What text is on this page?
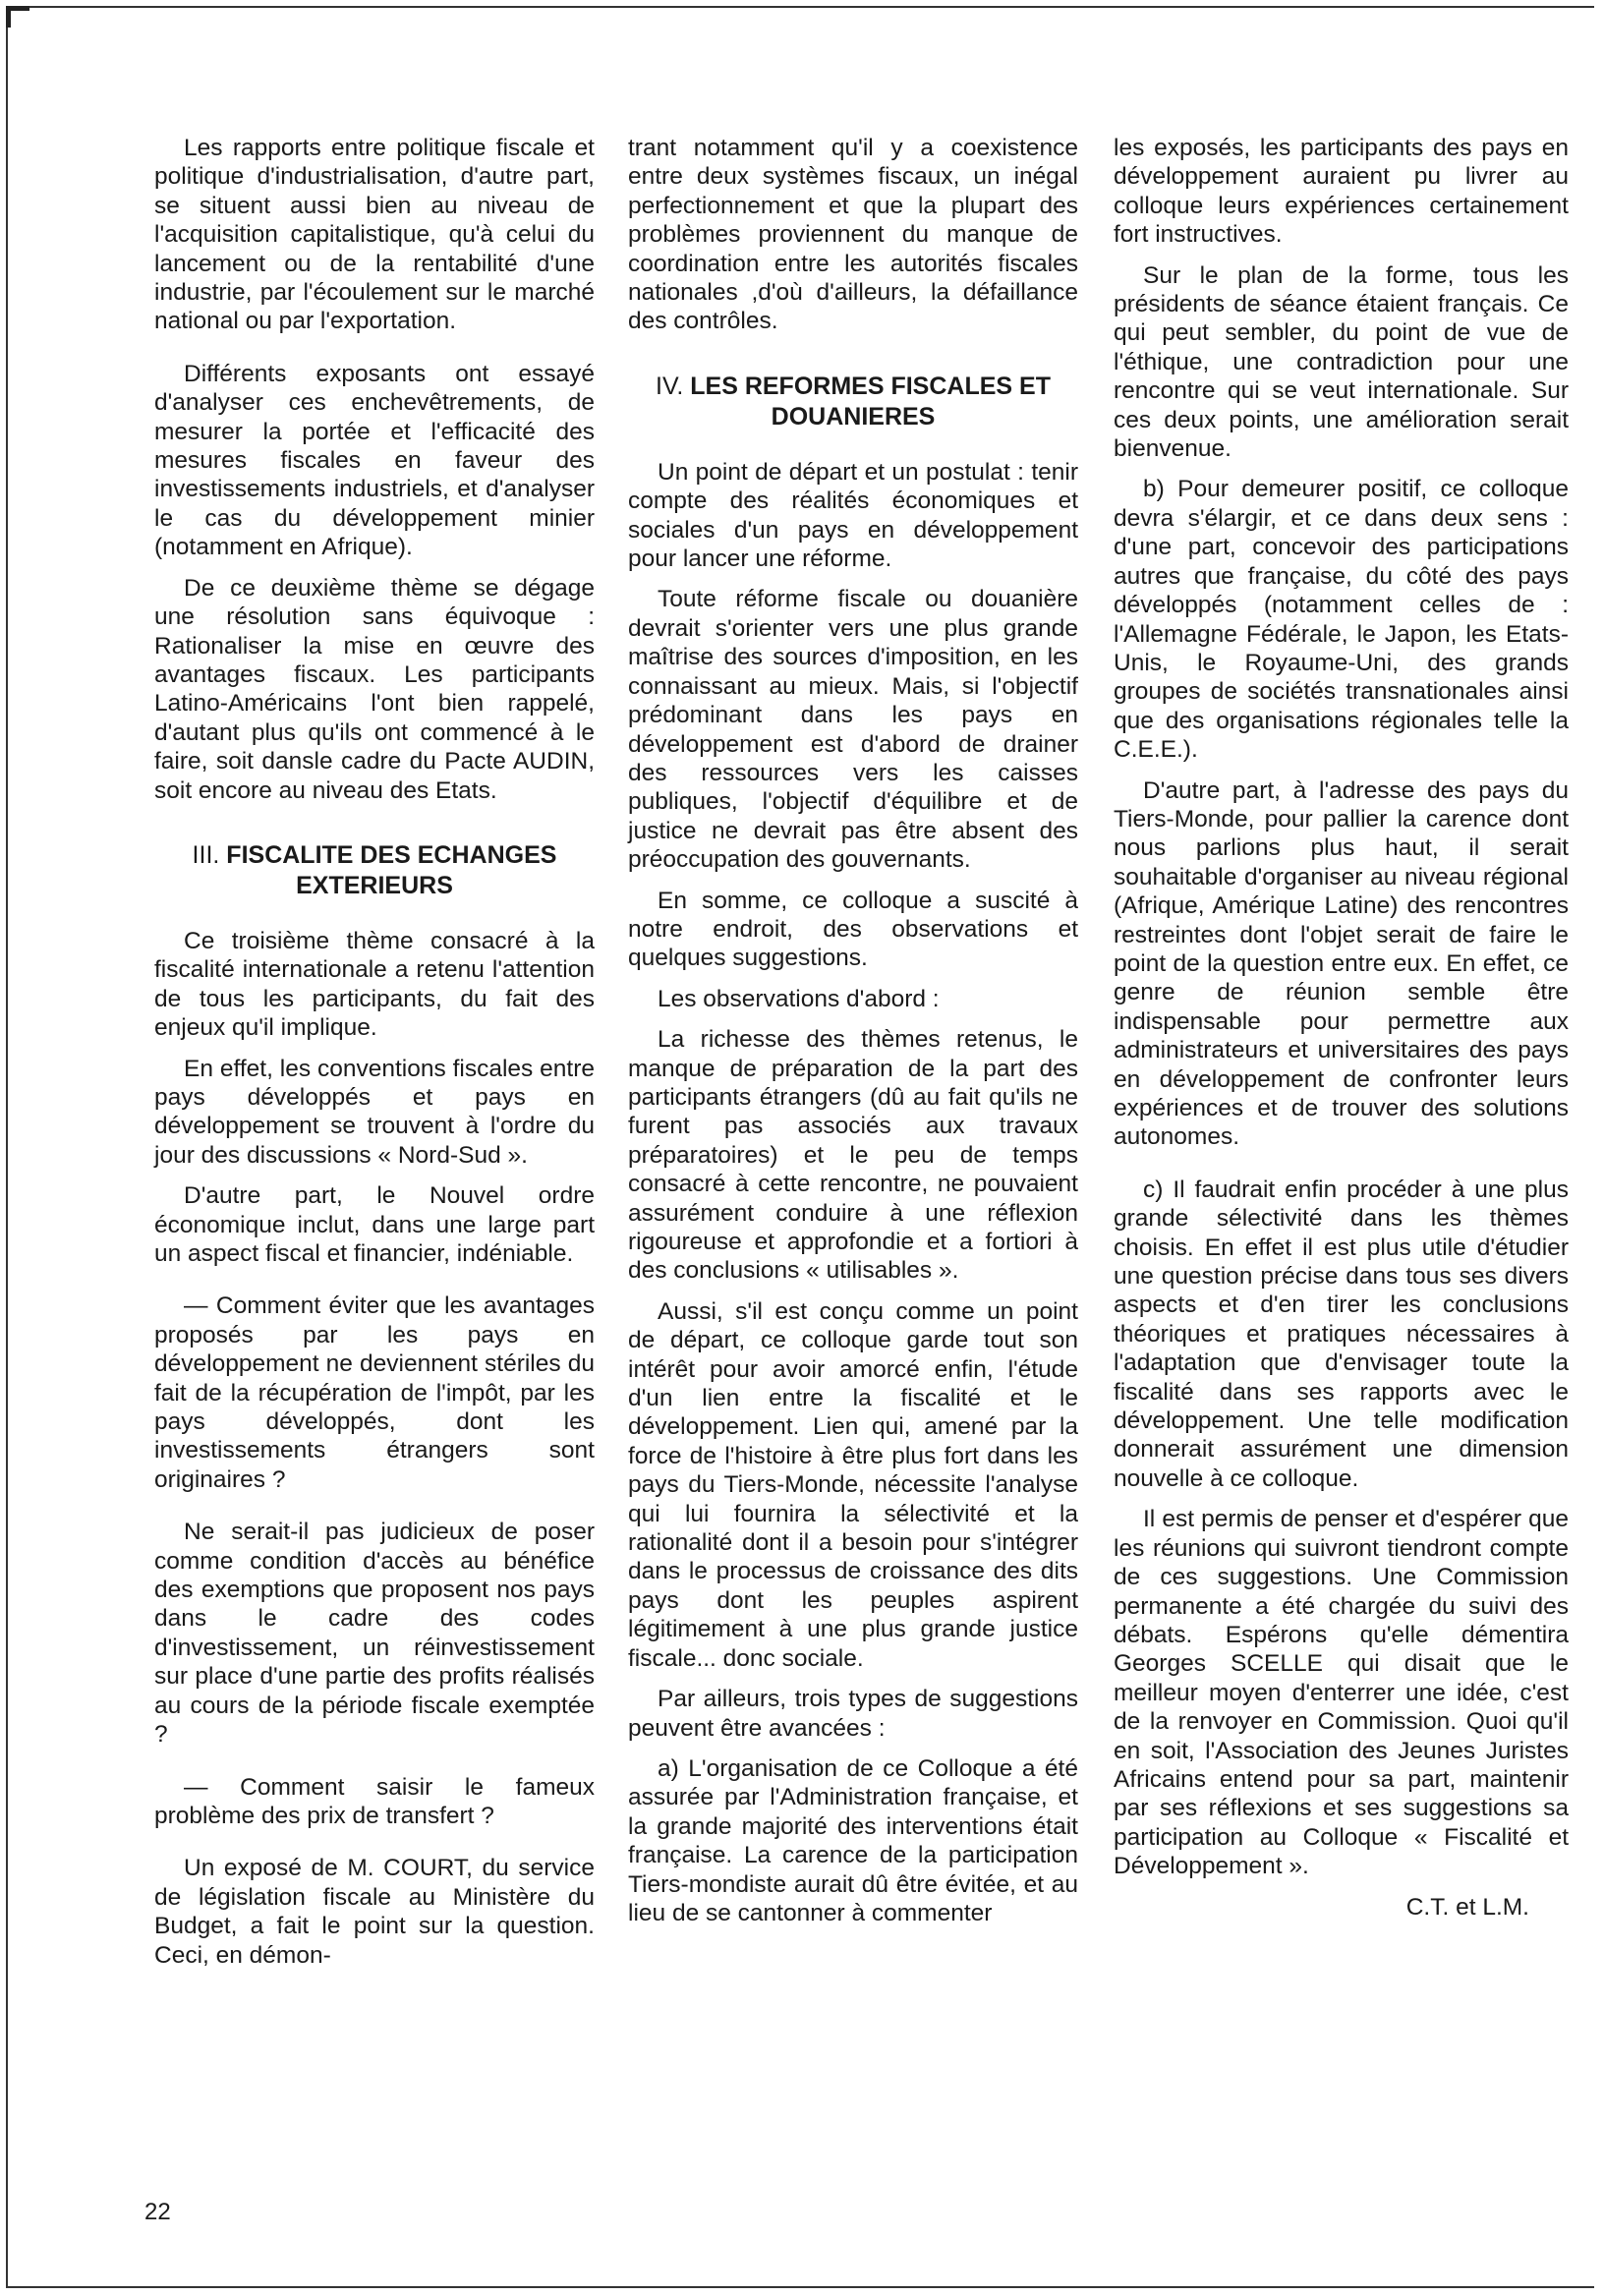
Les rapports entre politique fiscale et politique d'industrialisation, d'autre part, se situent aussi bien au niveau de l'acquisition capitalistique, qu'à celui du lancement ou de la rentabilité d'une industrie, par l'écoulement sur le marché national ou par l'exportation.

Différents exposants ont essayé d'analyser ces enchevêtrements, de mesurer la portée et l'efficacité des mesures fiscales en faveur des investissements industriels, et d'analyser le cas du développement minier (notamment en Afrique).

De ce deuxième thème se dégage une résolution sans équivoque : Rationaliser la mise en œuvre des avantages fiscaux. Les participants Latino-Américains l'ont bien rappelé, d'autant plus qu'ils ont commencé à le faire, soit dansle cadre du Pacte AUDIN, soit encore au niveau des Etats.

III. FISCALITE DES ECHANGES EXTERIEURS

Ce troisième thème consacré à la fiscalité internationale a retenu l'attention de tous les participants, du fait des enjeux qu'il implique.

En effet, les conventions fiscales entre pays développés et pays en développement se trouvent à l'ordre du jour des discussions « Nord-Sud ».

D'autre part, le Nouvel ordre économique inclut, dans une large part un aspect fiscal et financier, indéniable.

— Comment éviter que les avantages proposés par les pays en développement ne deviennent stériles du fait de la récupération de l'impôt, par les pays développés, dont les investissements étrangers sont originaires ?

Ne serait-il pas judicieux de poser comme condition d'accès au bénéfice des exemptions que proposent nos pays dans le cadre des codes d'investissement, un réinvestissement sur place d'une partie des profits réalisés au cours de la période fiscale exemptée ?

— Comment saisir le fameux problème des prix de transfert ?

Un exposé de M. COURT, du service de législation fiscale au Ministère du Budget, a fait le point sur la question. Ceci, en démon-

trant notamment qu'il y a coexistence entre deux systèmes fiscaux, un inégal perfectionnement et que la plupart des problèmes proviennent du manque de coordination entre les autorités fiscales nationales ,d'où d'ailleurs, la défaillance des contrôles.

IV. LES REFORMES FISCALES ET DOUANIERES

Un point de départ et un postulat : tenir compte des réalités économiques et sociales d'un pays en développement pour lancer une réforme.

Toute réforme fiscale ou douanière devrait s'orienter vers une plus grande maîtrise des sources d'imposition, en les connaissant au mieux. Mais, si l'objectif prédominant dans les pays en développement est d'abord de drainer des ressources vers les caisses publiques, l'objectif d'équilibre et de justice ne devrait pas être absent des préoccupation des gouvernants.

En somme, ce colloque a suscité à notre endroit, des observations et quelques suggestions.

Les observations d'abord :

La richesse des thèmes retenus, le manque de préparation de la part des participants étrangers (dû au fait qu'ils ne furent pas associés aux travaux préparatoires) et le peu de temps consacré à cette rencontre, ne pouvaient assurément conduire à une réflexion rigoureuse et approfondie et a fortiori à des conclusions « utilisables ».

Aussi, s'il est conçu comme un point de départ, ce colloque garde tout son intérêt pour avoir amorcé enfin, l'étude d'un lien entre la fiscalité et le développement. Lien qui, amené par la force de l'histoire à être plus fort dans les pays du Tiers-Monde, nécessite l'analyse qui lui fournira la sélectivité et la rationalité dont il a besoin pour s'intégrer dans le processus de croissance des dits pays dont les peuples aspirent légitimement à une plus grande justice fiscale... donc sociale.

Par ailleurs, trois types de suggestions peuvent être avancées :

a) L'organisation de ce Colloque a été assurée par l'Administration française, et la grande majorité des interventions était française. La carence de la participation Tiers-mondiste aurait dû être évitée, et au lieu de se cantonner à commenter

les exposés, les participants des pays en développement auraient pu livrer au colloque leurs expériences certainement fort instructives.

Sur le plan de la forme, tous les présidents de séance étaient français. Ce qui peut sembler, du point de vue de l'éthique, une contradiction pour une rencontre qui se veut internationale. Sur ces deux points, une amélioration serait bienvenue.

b) Pour demeurer positif, ce colloque devra s'élargir, et ce dans deux sens : d'une part, concevoir des participations autres que française, du côté des pays développés (notamment celles de : l'Allemagne Fédérale, le Japon, les Etats-Unis, le Royaume-Uni, des grands groupes de sociétés transnationales ainsi que des organisations régionales telle la C.E.E.).

D'autre part, à l'adresse des pays du Tiers-Monde, pour pallier la carence dont nous parlions plus haut, il serait souhaitable d'organiser au niveau régional (Afrique, Amérique Latine) des rencontres restreintes dont l'objet serait de faire le point de la question entre eux. En effet, ce genre de réunion semble être indispensable pour permettre aux administrateurs et universitaires des pays en développement de confronter leurs expériences et de trouver des solutions autonomes.

c) Il faudrait enfin procéder à une plus grande sélectivité dans les thèmes choisis. En effet il est plus utile d'étudier une question précise dans tous ses divers aspects et d'en tirer les conclusions théoriques et pratiques nécessaires à l'adaptation que d'envisager toute la fiscalité dans ses rapports avec le développement. Une telle modification donnerait assurément une dimension nouvelle à ce colloque.

Il est permis de penser et d'espérer que les réunions qui suivront tiendront compte de ces suggestions. Une Commission permanente a été chargée du suivi des débats. Espérons qu'elle démentira Georges SCELLE qui disait que le meilleur moyen d'enterrer une idée, c'est de la renvoyer en Commission. Quoi qu'il en soit, l'Association des Jeunes Juristes Africains entend pour sa part, maintenir par ses réflexions et ses suggestions sa participation au Colloque « Fiscalité et Développement ».

C.T. et L.M.

22
